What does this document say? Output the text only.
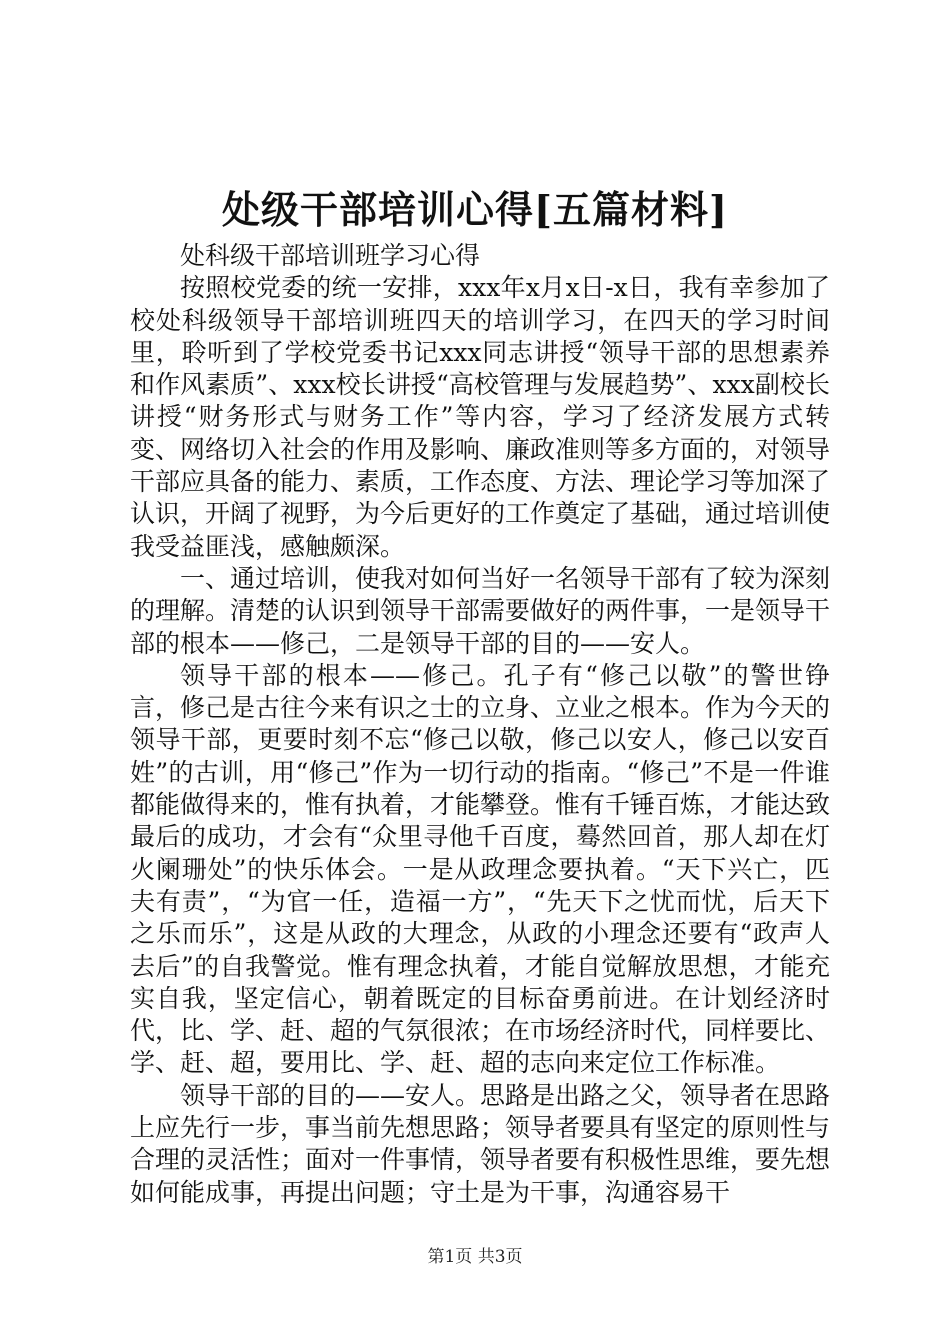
处级干部培训心得[五篇材料]

处科级干部培训班学习心得

按照校党委的统一安排，xxx年x月x日-x日，我有幸参加了校处科级领导干部培训班四天的培训学习，在四天的学习时间里，聆听到了学校党委书记xxx同志讲授“领导干部的思想素养和作风素质”、xxx校长讲授“高校管理与发展趋势”、xxx副校长讲授“财务形式与财务工作”等内容，学习了经济发展方式转变、网络切入社会的作用及影响、廉政准则等多方面的，对领导干部应具备的能力、素质，工作态度、方法、理论学习等加深了认识，开阔了视野，为今后更好的工作奠定了基础，通过培训使我受益匪浅，感触颇深。

一、通过培训，使我对如何当好一名领导干部有了较为深刻的理解。清楚的认识到领导干部需要做好的两件事，一是领导干部的根本——修己，二是领导干部的目的——安人。

领导干部的根本——修己。孔子有“修己以敬”的警世铮言，修己是古往今来有识之士的立身、立业之根本。作为今天的领导干部，更要时刻不忘“修己以敬，修己以安人，修己以安百姓”的古训，用“修己”作为一切行动的指南。“修己”不是一件谁都能做得来的，惟有执着，才能攀登。惟有千锤百炼，才能达致最后的成功，才会有“众里寻他千百度，蓦然回首，那人却在灯火阑珊处”的快乐体会。一是从政理念要执着。“天下兴亡，匹夫有责”，“为官一任，造福一方”，“先天下之忧而忧，后天下之乐而乐”，这是从政的大理念，从政的小理念还要有“政声人去后”的自我警觉。惟有理念执着，才能自觉解放思想，才能充实自我，坚定信心，朝着既定的目标奋勇前进。在计划经济时代，比、学、赶、超的气氛很浓；在市场经济时代，同样要比、学、赶、超，要用比、学、赶、超的志向来定位工作标准。

领导干部的目的——安人。思路是出路之父，领导者在思路上应先行一步，事当前先想思路；领导者要具有坚定的原则性与合理的灵活性；面对一件事情，领导者要有积极性思维，要先想如何能成事，再提出问题；守土是为干事，沟通容易干

第1页 共3页
